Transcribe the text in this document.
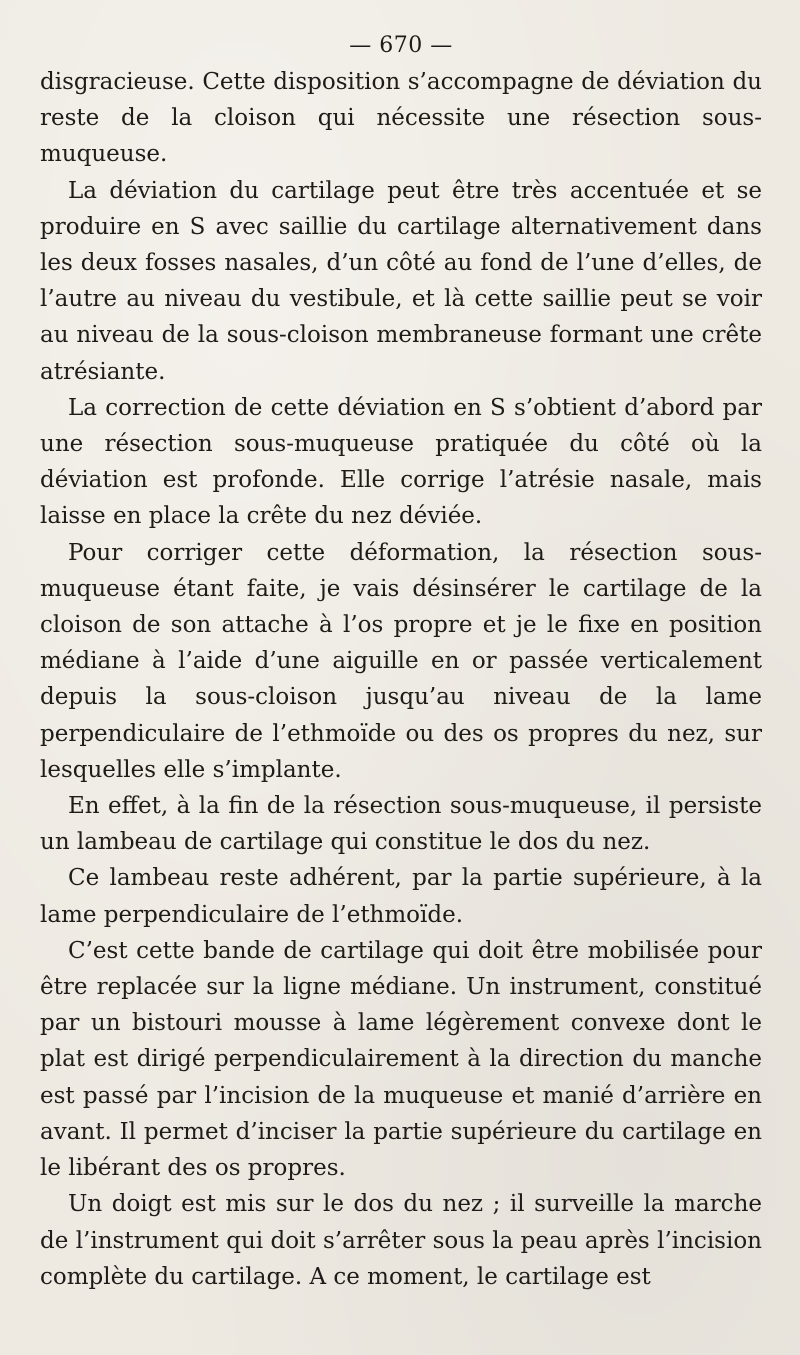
— 670 —

disgracieuse. Cette disposition s’accompagne de déviation du reste de la cloison qui nécessite une résection sous-muqueuse.

La déviation du cartilage peut être très accentuée et se produire en S avec saillie du cartilage alternativement dans les deux fosses nasales, d’un côté au fond de l’une d’elles, de l’autre au niveau du vestibule, et là cette saillie peut se voir au niveau de la sous-cloison membraneuse formant une crête atrésiante.

La correction de cette déviation en S s’obtient d’abord par une résection sous-muqueuse pratiquée du côté où la déviation est profonde. Elle corrige l’atrésie nasale, mais laisse en place la crête du nez déviée.

Pour corriger cette déformation, la résection sous-muqueuse étant faite, je vais désinsérer le cartilage de la cloison de son attache à l’os propre et je le fixe en position médiane à l’aide d’une aiguille en or passée verticalement depuis la sous-cloison jusqu’au niveau de la lame perpendiculaire de l’ethmoïde ou des os propres du nez, sur lesquelles elle s’implante.

En effet, à la fin de la résection sous-muqueuse, il persiste un lambeau de cartilage qui constitue le dos du nez.

Ce lambeau reste adhérent, par la partie supérieure, à la lame perpendiculaire de l’ethmoïde.

C’est cette bande de cartilage qui doit être mobilisée pour être replacée sur la ligne médiane. Un instrument, constitué par un bistouri mousse à lame légèrement convexe dont le plat est dirigé perpendiculairement à la direction du manche est passé par l’incision de la muqueuse et manié d’arrière en avant. Il permet d’inciser la partie supérieure du cartilage en le libérant des os propres.

Un doigt est mis sur le dos du nez ; il surveille la marche de l’instrument qui doit s’arrêter sous la peau après l’incision complète du cartilage. A ce moment, le cartilage est
